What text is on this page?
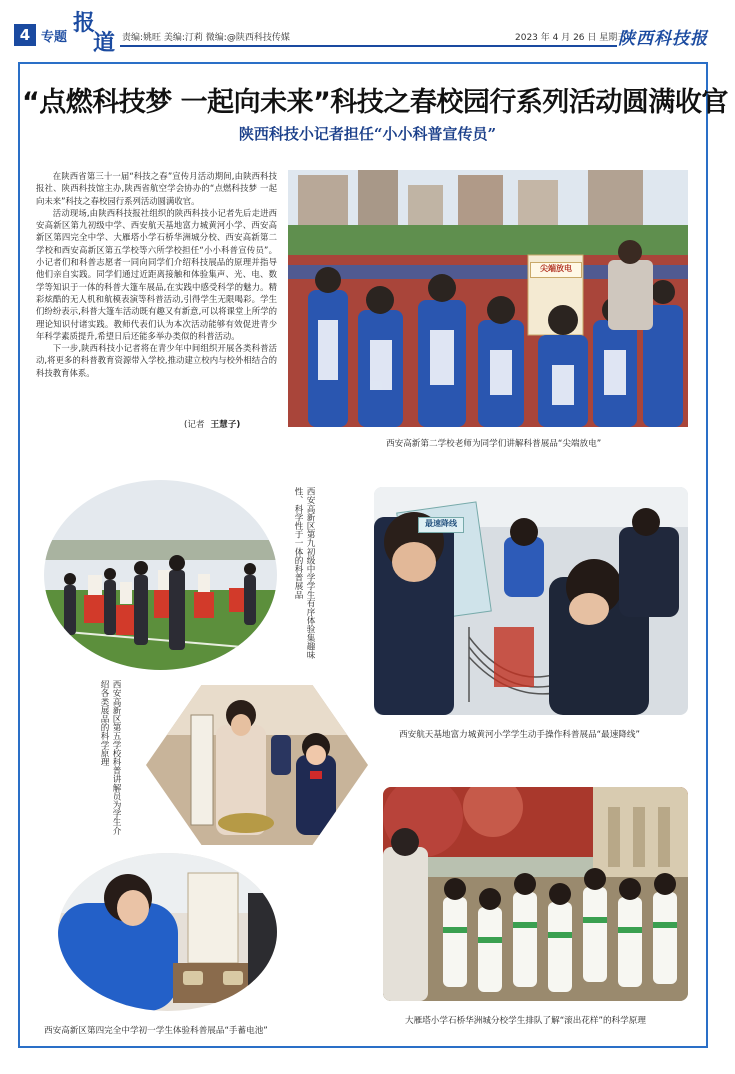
4 专题
报
道 责编:姚旺 美编:汀莉 微编:@陕西科技传媒	2023 年 4 月 26 日 星期三
陕西科技报
“点燃科技梦 一起向未来”科技之春校园行系列活动圆满收官
陕西科技小记者担任“小小科普宣传员”

在陕西省第三十一届“科技之春”宣传月活动期间,由陕西科技报社、陕西科技馆主办,陕西省航空学会协办的“点燃科技梦 一起向未来”科技之春校园行系列活动圆满收官。

活动现场,由陕西科技报社组织的陕西科技小记者先后走进西安高新区第九初级中学、西安航天基地富力城黄河小学、西安高新区第四完全中学、大雁塔小学石桥华洲城分校、西安高新第二学校和西安高新区第五学校等六所学校担任“小小科普宣传员”。小记者们和科普志愿者一同向同学们介绍科技展品的原理并指导他们亲自实践。同学们通过近距离接触和体验集声、光、电、数学等知识于一体的科普大篷车展品,在实践中感受科学的魅力。精彩炫酷的无人机和航模表演等科普活动,引得学生无限喝彩。学生们纷纷表示,科普大篷车活动既有趣又有新意,可以将课堂上所学的理论知识付诸实践。教师代表们认为本次活动能够有效促进青少年科学素质提升,希望日后还能多举办类似的科普活动。

下一步,陕西科技小记者将在青少年中间组织开展各类科普活动,将更多的科普教育资源带入学校,推动建立校内与校外相结合的科技教育体系。

(记者 王慧子)
尖端放电
西安高新第二学校老师为同学们讲解科普展品“尖端放电”
西安高新区第九初级中学学生有序体验集趣味性、科学性于一体的科普展品	最速降线
西安航天基地富力城黄河小学学生动手操作科普展品“最速降线”
西安高新区第五学校科普讲解员为学生介绍各类展品的科学原理
西安高新区第四完全中学初一学生体验科普展品“手蓄电池”
大雁塔小学石桥华洲城分校学生排队了解“滚出花样”的科学原理
